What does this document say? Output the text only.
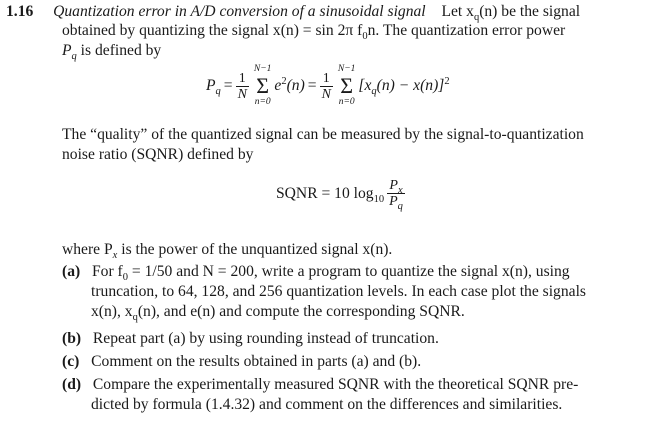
1.16 Quantization error in A/D conversion of a sinusoidal signal Let $x_q(n)$ be the signal
obtained by quantizing the signal x(n) = sin 2π $f_0n$. The quantization error power
$P_q$ is defined by
$P_q = \frac{1}{N}$
N−1
Σ
n=0
$e^2(n) = \frac{1}{N}$
N−1
Σ
n=0
$[x_q(n) - x(n)]^2$
The “quality” of the quantized signal can be measured by the signal-to-quantization
noise ratio (SQNR) defined by
SQNR = 10 $\log_{10} \frac{P_x}{P_q}$
where $P_x$ is the power of the unquantized signal x(n).
(a) For $f_0 = 1/50$ and N = 200, write a program to quantize the signal x(n), using
truncation, to 64, 128, and 256 quantization levels. In each case plot the signals
x(n), $x_q(n)$, and e(n) and compute the corresponding SQNR.
(b) Repeat part (a) by using rounding instead of truncation.
(c) Comment on the results obtained in parts (a) and (b).
(d) Compare the experimentally measured SQNR with the theoretical SQNR pre-
dicted by formula (1.4.32) and comment on the differences and similarities.
